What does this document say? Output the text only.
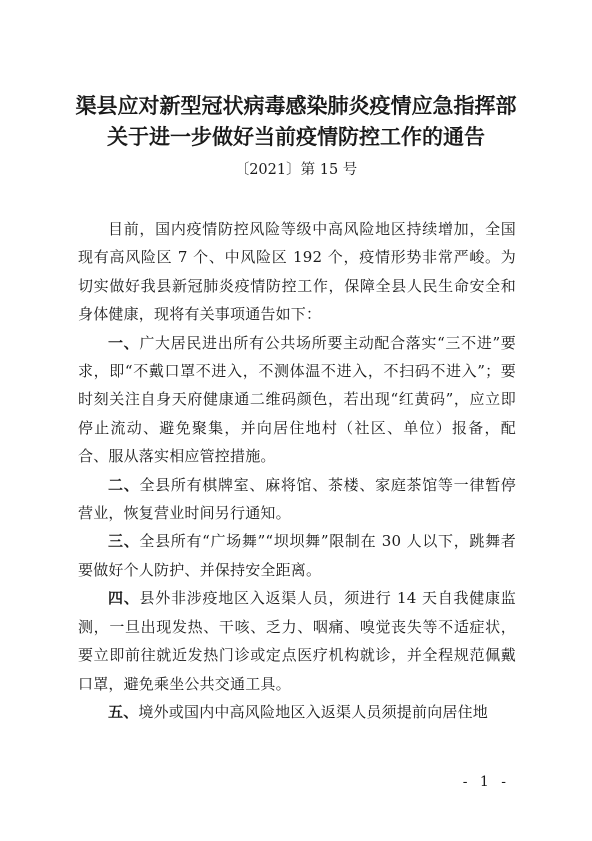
渠县应对新型冠状病毒感染肺炎疫情应急指挥部
关于进一步做好当前疫情防控工作的通告
〔2021〕第 15 号

目前，国内疫情防控风险等级中高风险地区持续增加，全国现有高风险区 7 个、中风险区 192 个，疫情形势非常严峻。为切实做好我县新冠肺炎疫情防控工作，保障全县人民生命安全和身体健康，现将有关事项通告如下：

一、广大居民进出所有公共场所要主动配合落实“三不进”要求，即“不戴口罩不进入，不测体温不进入，不扫码不进入”；要时刻关注自身天府健康通二维码颜色，若出现“红黄码”，应立即停止流动、避免聚集，并向居住地村（社区、单位）报备，配合、服从落实相应管控措施。

二、全县所有棋牌室、麻将馆、茶楼、家庭茶馆等一律暂停营业，恢复营业时间另行通知。

三、全县所有“广场舞”“坝坝舞”限制在 30 人以下，跳舞者要做好个人防护、并保持安全距离。

四、县外非涉疫地区入返渠人员，须进行 14 天自我健康监测，一旦出现发热、干咳、乏力、咽痛、嗅觉丧失等不适症状，要立即前往就近发热门诊或定点医疗机构就诊，并全程规范佩戴口罩，避免乘坐公共交通工具。

五、境外或国内中高风险地区入返渠人员须提前向居住地

- 1 -
